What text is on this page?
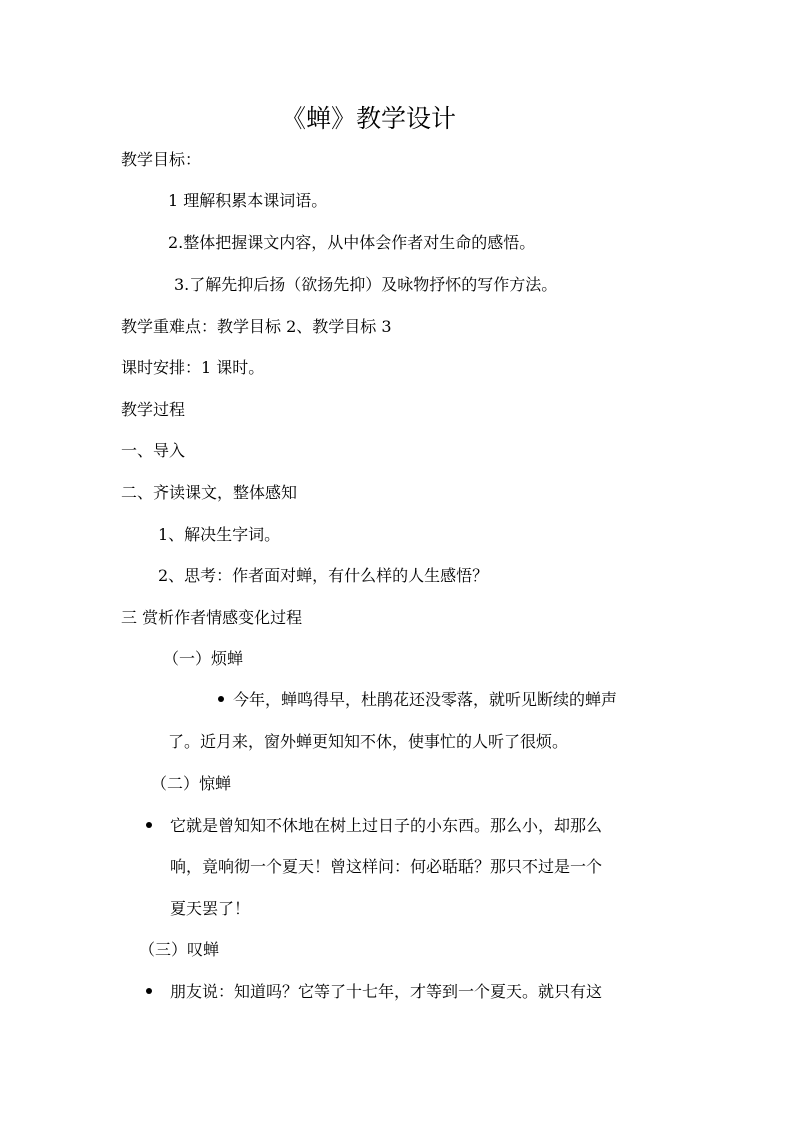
《蝉》教学设计

教学目标：

1 理解积累本课词语。

2.整体把握课文内容，从中体会作者对生命的感悟。

3.了解先抑后扬（欲扬先抑）及咏物抒怀的写作方法。

教学重难点：教学目标 2、教学目标 3

课时安排：1 课时。

教学过程

一、导入

二、齐读课文，整体感知

1、解决生字词。

2、思考：作者面对蝉，有什么样的人生感悟？

三 赏析作者情感变化过程

（一）烦蝉

今年，蝉鸣得早，杜鹃花还没零落，就听见断续的蝉声

了。近月来，窗外蝉更知知不休，使事忙的人听了很烦。

（二）惊蝉

它就是曾知知不休地在树上过日子的小东西。那么小，却那么

响，竟响彻一个夏天！曾这样问：何必聒聒？那只不过是一个

夏天罢了！

（三）叹蝉

朋友说：知道吗？它等了十七年，才等到一个夏天。就只有这
